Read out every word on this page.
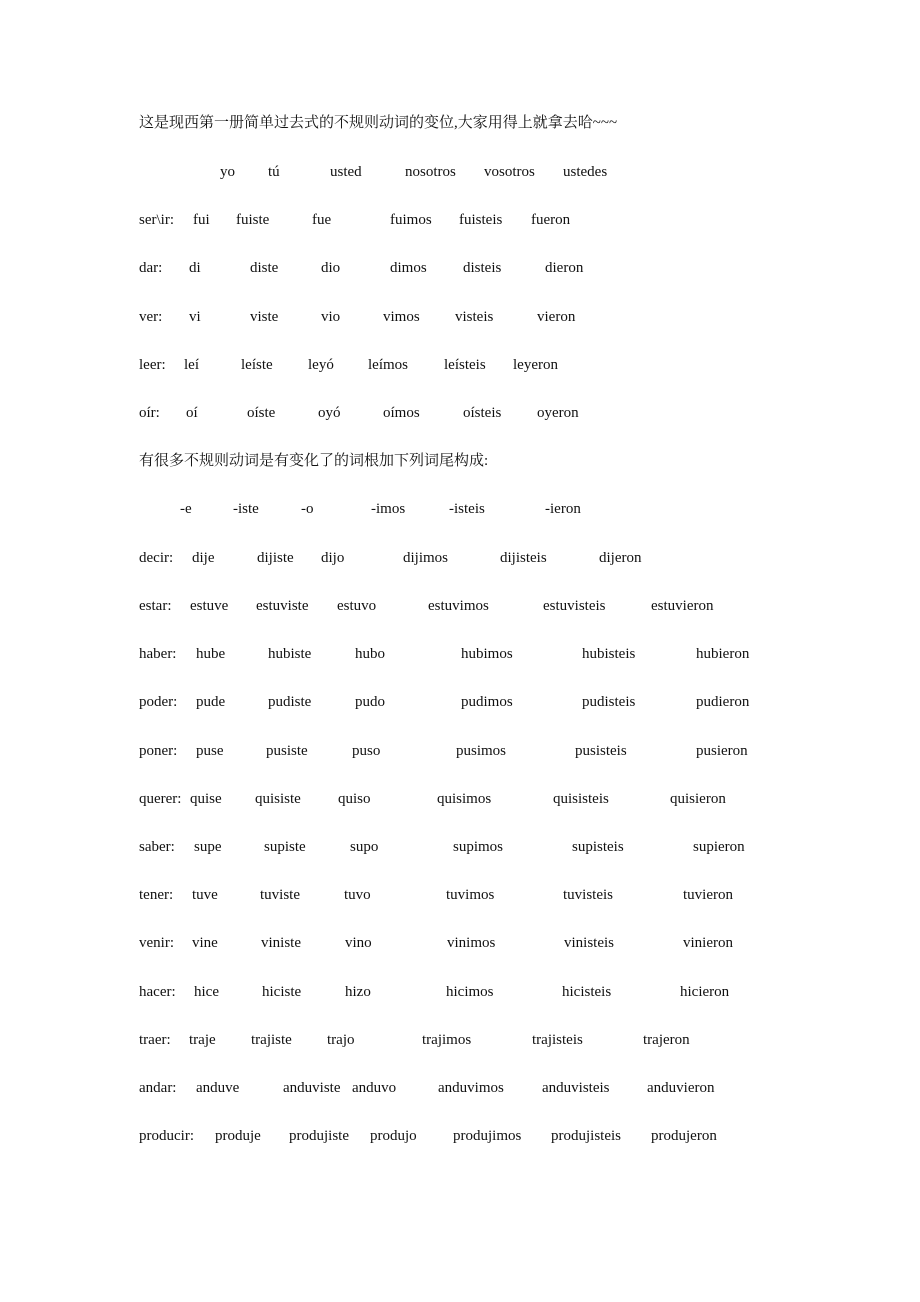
这是现西第一册简单过去式的不规则动词的变位,大家用得上就拿去哈~~~
yo tú	usted	nosotros vosotros ustedes
ser\ir: fui fuiste	fue	fuimos fuisteis fueron
dar: di	diste	dio	dimos disteis	dieron
ver: vi	viste	vio	vimos visteis	vieron
leer: leí	leíste leyó leímos leísteis leyeron
oír: oí	oíste	oyó	oímos	oísteis oyeron
有很多不规则动词是有变化了的词根加下列词尾构成:
-e	-iste	-o	-imos	-isteis	-ieron
decir: dije	dijiste dijo	dijimos	dijisteis	dijeron
estar: estuve estuviste estuvo	estuvimos	estuvisteis	estuvieron
haber: hube	hubiste	hubo	hubimos	hubisteis	hubieron
poder: pude	pudiste	pudo	pudimos	pudisteis	pudieron
poner: puse	pusiste	puso	pusimos	pusisteis	pusieron
querer: quise quisiste quiso	quisimos	quisisteis	quisieron
saber: supe	supiste	supo	supimos	supisteis	supieron
tener: tuve	tuviste	tuvo	tuvimos	tuvisteis	tuvieron
venir: vine	viniste	vino	vinimos	vinisteis	vinieron
hacer: hice	hiciste	hizo	hicimos	hicisteis	hicieron
traer: traje trajiste trajo	trajimos	trajisteis	trajeron
andar: anduve	anduviste anduvo	anduvimos	anduvisteis	anduvieron
producir: produje produjiste produjo produjimos produjisteis produjeron
